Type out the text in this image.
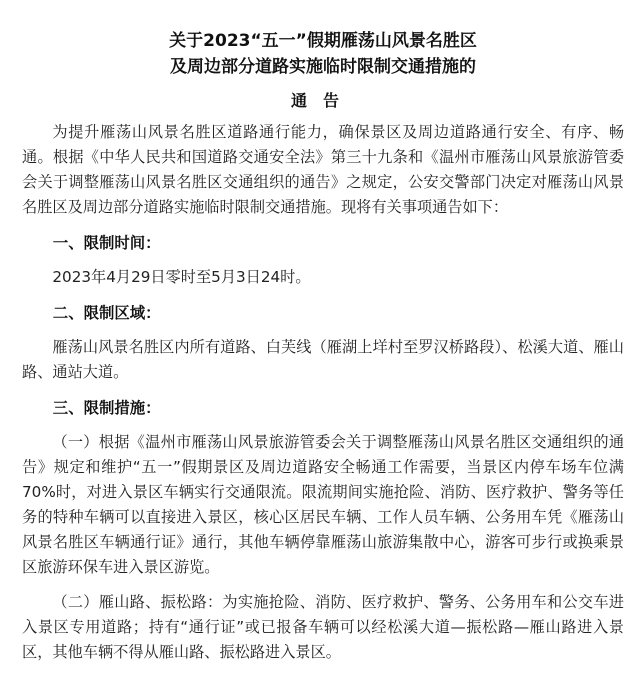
关于2023“五一”假期雁荡山风景名胜区
及周边部分道路实施临时限制交通措施的
通告

为提升雁荡山风景名胜区道路通行能力，确保景区及周边道路通行安全、有序、畅通。根据《中华人民共和国道路交通安全法》第三十九条和《温州市雁荡山风景旅游管委会关于调整雁荡山风景名胜区交通组织的通告》之规定，公安交警部门决定对雁荡山风景名胜区及周边部分道路实施临时限制交通措施。现将有关事项通告如下：

一、限制时间：

2023年4月29日零时至5月3日24时。

二、限制区域：

雁荡山风景名胜区内所有道路、白芙线（雁湖上垟村至罗汉桥路段）、松溪大道、雁山路、通站大道。

三、限制措施：

（一）根据《温州市雁荡山风景旅游管委会关于调整雁荡山风景名胜区交通组织的通告》规定和维护“五一”假期景区及周边道路安全畅通工作需要，当景区内停车场车位满70%时，对进入景区车辆实行交通限流。限流期间实施抢险、消防、医疗救护、警务等任务的特种车辆可以直接进入景区，核心区居民车辆、工作人员车辆、公务用车凭《雁荡山风景名胜区车辆通行证》通行，其他车辆停靠雁荡山旅游集散中心，游客可步行或换乘景区旅游环保车进入景区游览。

（二）雁山路、振松路：为实施抢险、消防、医疗救护、警务、公务用车和公交车进入景区专用道路；持有“通行证”或已报备车辆可以经松溪大道—振松路—雁山路进入景区，其他车辆不得从雁山路、振松路进入景区。
